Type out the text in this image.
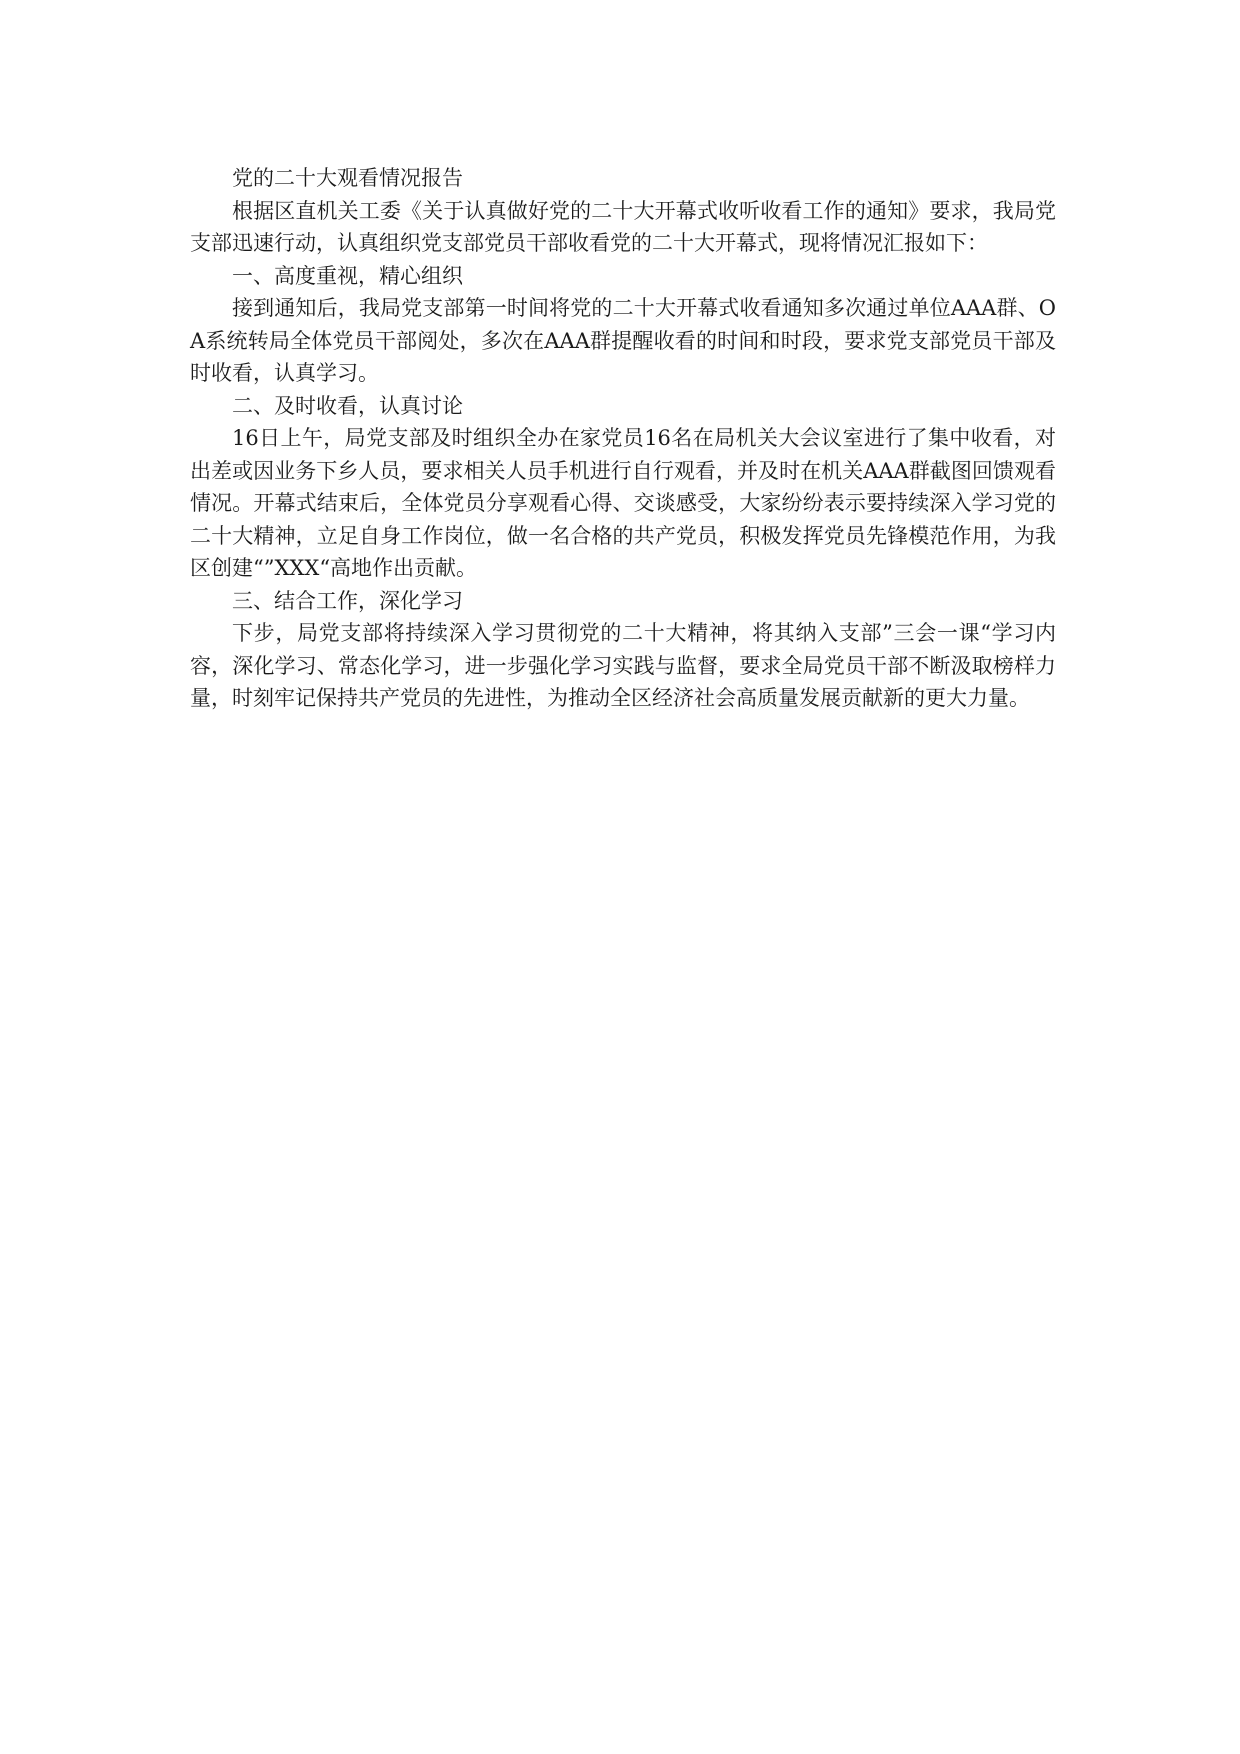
党的二十大观看情况报告

根据区直机关工委《关于认真做好党的二十大开幕式收听收看工作的通知》要求，我局党支部迅速行动，认真组织党支部党员干部收看党的二十大开幕式，现将情况汇报如下：

一、高度重视，精心组织

接到通知后，我局党支部第一时间将党的二十大开幕式收看通知多次通过单位AAA群、OA系统转局全体党员干部阅处，多次在AAA群提醒收看的时间和时段，要求党支部党员干部及时收看，认真学习。

二、及时收看，认真讨论

16日上午，局党支部及时组织全办在家党员16名在局机关大会议室进行了集中收看，对出差或因业务下乡人员，要求相关人员手机进行自行观看，并及时在机关AAA群截图回馈观看情况。开幕式结束后，全体党员分享观看心得、交谈感受，大家纷纷表示要持续深入学习党的二十大精神，立足自身工作岗位，做一名合格的共产党员，积极发挥党员先锋模范作用，为我区创建“”XXX“高地作出贡献。

三、结合工作，深化学习

下步，局党支部将持续深入学习贯彻党的二十大精神，将其纳入支部”三会一课“学习内容，深化学习、常态化学习，进一步强化学习实践与监督，要求全局党员干部不断汲取榜样力量，时刻牢记保持共产党员的先进性，为推动全区经济社会高质量发展贡献新的更大力量。
